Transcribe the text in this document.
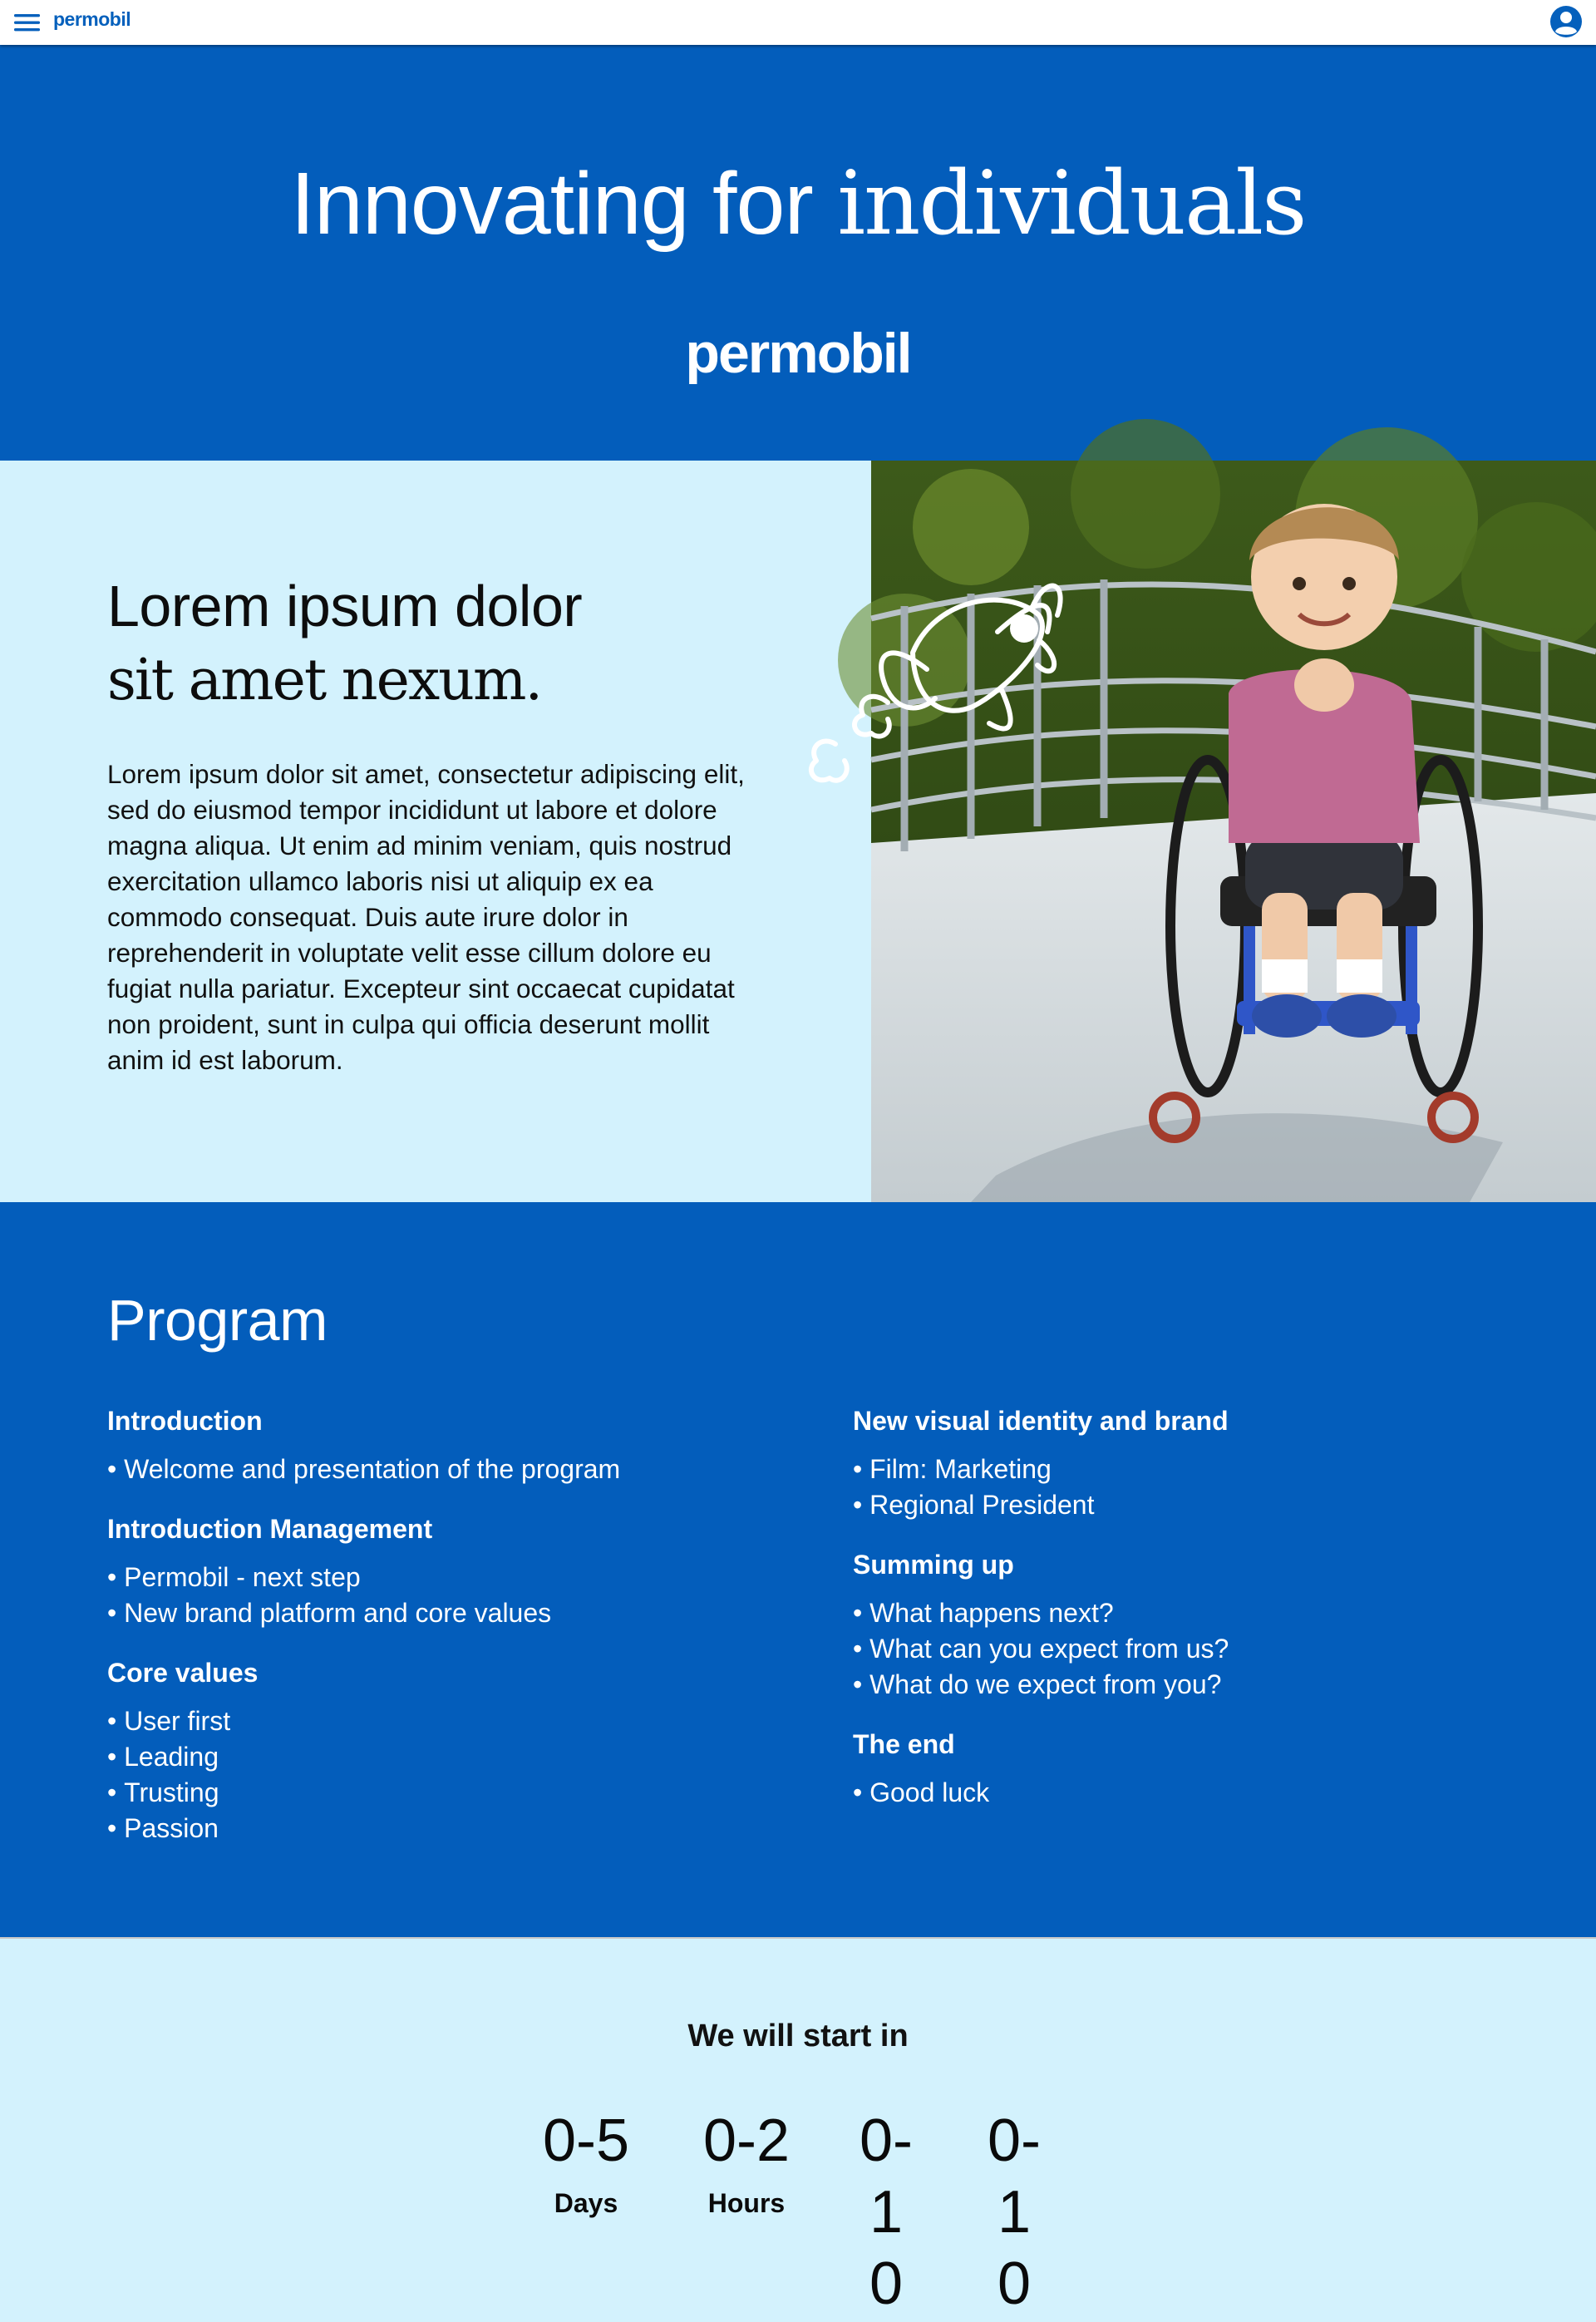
permobil
Innovating for individuals
permobil
Lorem ipsum dolor
sit amet nexum.

Lorem ipsum dolor sit amet, consectetur adipiscing elit, sed do eiusmod tempor incididunt ut labore et dolore magna aliqua. Ut enim ad minim veniam, quis nostrud exercitation ullamco laboris nisi ut aliquip ex ea commodo consequat. Duis aute irure dolor in reprehenderit in voluptate velit esse cillum dolore eu fugiat nulla pariatur. Excepteur sint occaecat cupidatat non proident, sunt in culpa qui officia deserunt mollit anim id est laborum.

Program
Introduction
• Welcome and presentation of the program
Introduction Management
• Permobil - next step
• New brand platform and core values
Core values
• User first
• Leading
• Trusting
• Passion
New visual identity and brand
• Film: Marketing
• Regional President
Summing up
• What happens next?
• What can you expect from us?
• What do we expect from you?
The end
• Good luck
We will start in
0-5
Days
0-2
Hours
0-10
0-10
